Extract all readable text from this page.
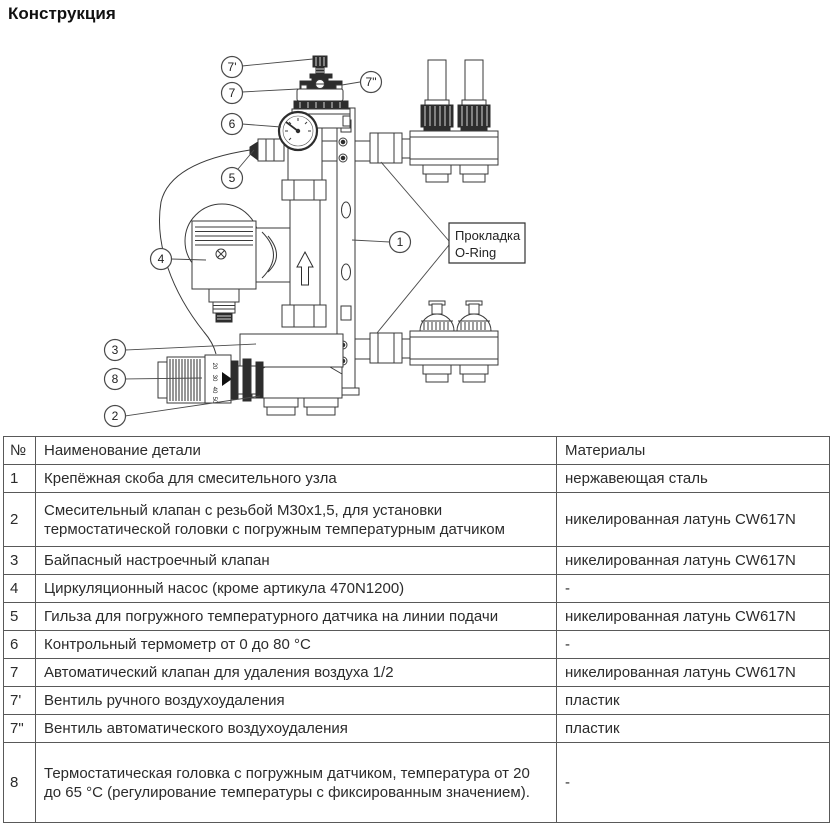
Конструкция
20
30
40
50
Прокладка
O-Ring
7'
7
7"
6
5
4
1
3
8
2
№	Наименование детали	Материалы
1	Крепёжная скоба для смесительного узла	нержавеющая сталь
2	Смесительный клапан с резьбой М30х1,5, для установки термостатической головки с погружным температурным датчиком	никелированная латунь CW617N
3	Байпасный настроечный клапан	никелированная латунь CW617N
4	Циркуляционный насос (кроме артикула 470N1200)	-
5	Гильза для погружного температурного датчика на линии подачи	никелированная латунь CW617N
6	Контрольный термометр от 0 до 80 °С	-
7	Автоматический клапан для удаления воздуха 1/2	никелированная латунь CW617N
7'	Вентиль ручного воздухоудаления	пластик
7"	Вентиль автоматического воздухоудаления	пластик
8	Термостатическая головка с погружным датчиком, температура от 20 до 65 °С (регулирование температуры с фиксированным значением).	-
